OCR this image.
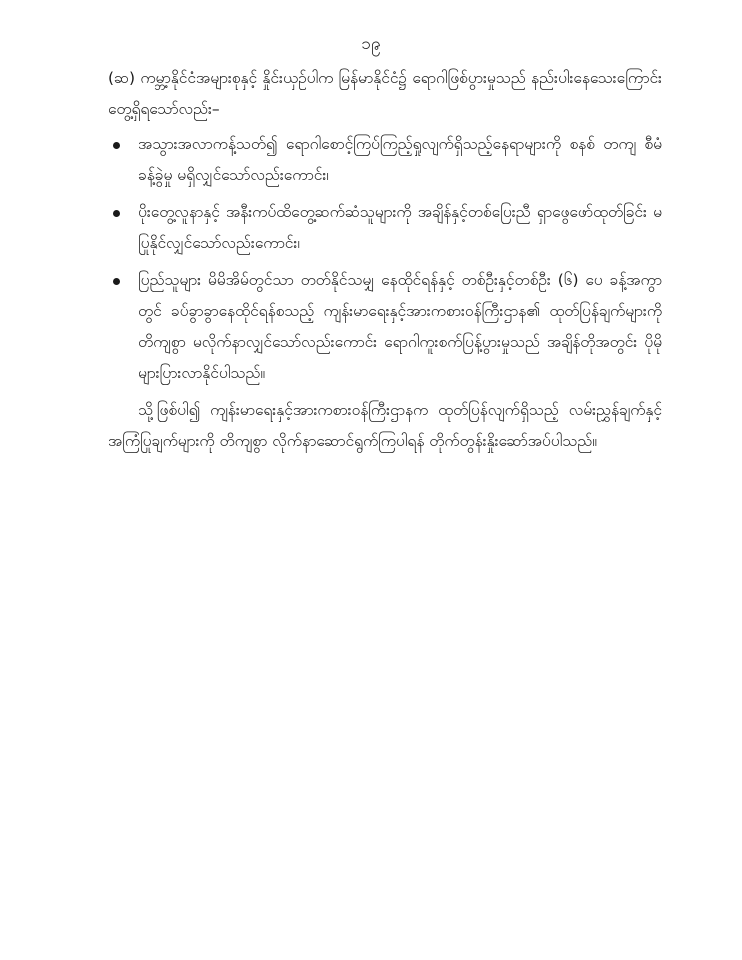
၁၉

(ဆ) ကမ္ဘာ့နိုင်ငံအများစုနှင့် နှိုင်းယှဉ်ပါက မြန်မာနိုင်ငံ၌ ရောဂါဖြစ်ပွားမှုသည် နည်းပါးနေသေးကြောင်း တွေ့ရှိရသော်လည်း–

အသွားအလာကန့်သတ်၍ ရောဂါစောင့်ကြပ်ကြည့်ရှုလျက်ရှိသည့်နေရာများကို စနစ် တကျ စီမံခန့်ခွဲမှု မရှိလျှင်သော်လည်းကောင်း၊
ပိုးတွေ့လူနာနှင့် အနီးကပ်ထိတွေ့ဆက်ဆံသူများကို အချိန်နှင့်တစ်ပြေးညီ ရှာဖွေဖော်ထုတ်ခြင်း မပြုနိုင်လျှင်သော်လည်းကောင်း၊
ပြည်သူများ မိမိအိမ်တွင်သာ တတ်နိုင်သမျှ နေထိုင်ရန်နှင့် တစ်ဦးနှင့်တစ်ဦး (၆) ပေ ခန့်အကွာတွင် ခပ်ခွာခွာနေထိုင်ရန်စသည့် ကျန်းမာရေးနှင့်အားကစားဝန်ကြီးဌာန၏ ထုတ်ပြန်ချက်များကို တိကျစွာ မလိုက်နာလျှင်သော်လည်းကောင်း ရောဂါကူးစက်ပြန့်ပွားမှုသည် အချိန်တိုအတွင်း ပိုမိုများပြားလာနိုင်ပါသည်။

သို့ဖြစ်ပါ၍ ကျန်းမာရေးနှင့်အားကစားဝန်ကြီးဌာနက ထုတ်ပြန်လျက်ရှိသည့် လမ်းညွှန်ချက်နှင့် အကြံပြုချက်များကို တိကျစွာ လိုက်နာဆောင်ရွက်ကြပါရန် တိုက်တွန်းနှိုးဆော်အပ်ပါသည်။
